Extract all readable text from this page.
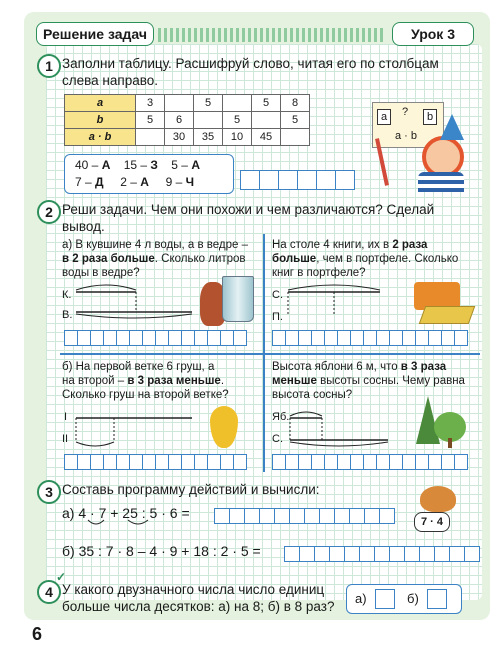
Решение задач	Урок 3
1 Заполни таблицу. Расшифруй слово, читая его по столбцам
слева направо.
a	3		5		5	8
b	5	6		5		5
a · b		30	35	10	45	
40 – А 15 – З 5 – А
7 – Д 2 – А 9 – Ч
a	?	b
a · b
2 Реши задачи. Чем они похожи и чем различаются? Сделай
вывод.
а) В кувшине 4 л воды, а в ведре –
в 2 раза больше. Сколько литров
воды в ведре?
К.
В.
На столе 4 книги, их в 2 раза
больше, чем в портфеле. Сколько
книг в портфеле?
С.
П.
б) На первой ветке 6 груш, а
на второй – в 3 раза меньше.
Сколько груш на второй ветке?
I
II
Высота яблони 6 м, что в 3 раза
меньше высоты сосны. Чему равна
высота сосны?
Яб.
С.
3 Составь программу действий и вычисли:
а) 4 · 7 + 25 : 5 · 6 =
7 · 4
б) 35 : 7 · 8 – 4 · 9 + 18 : 2 · 5 =
4
✓
У какого двузначного числа число единиц
больше числа десятков: а) на 8; б) в 8 раз?
а)	б)
6
